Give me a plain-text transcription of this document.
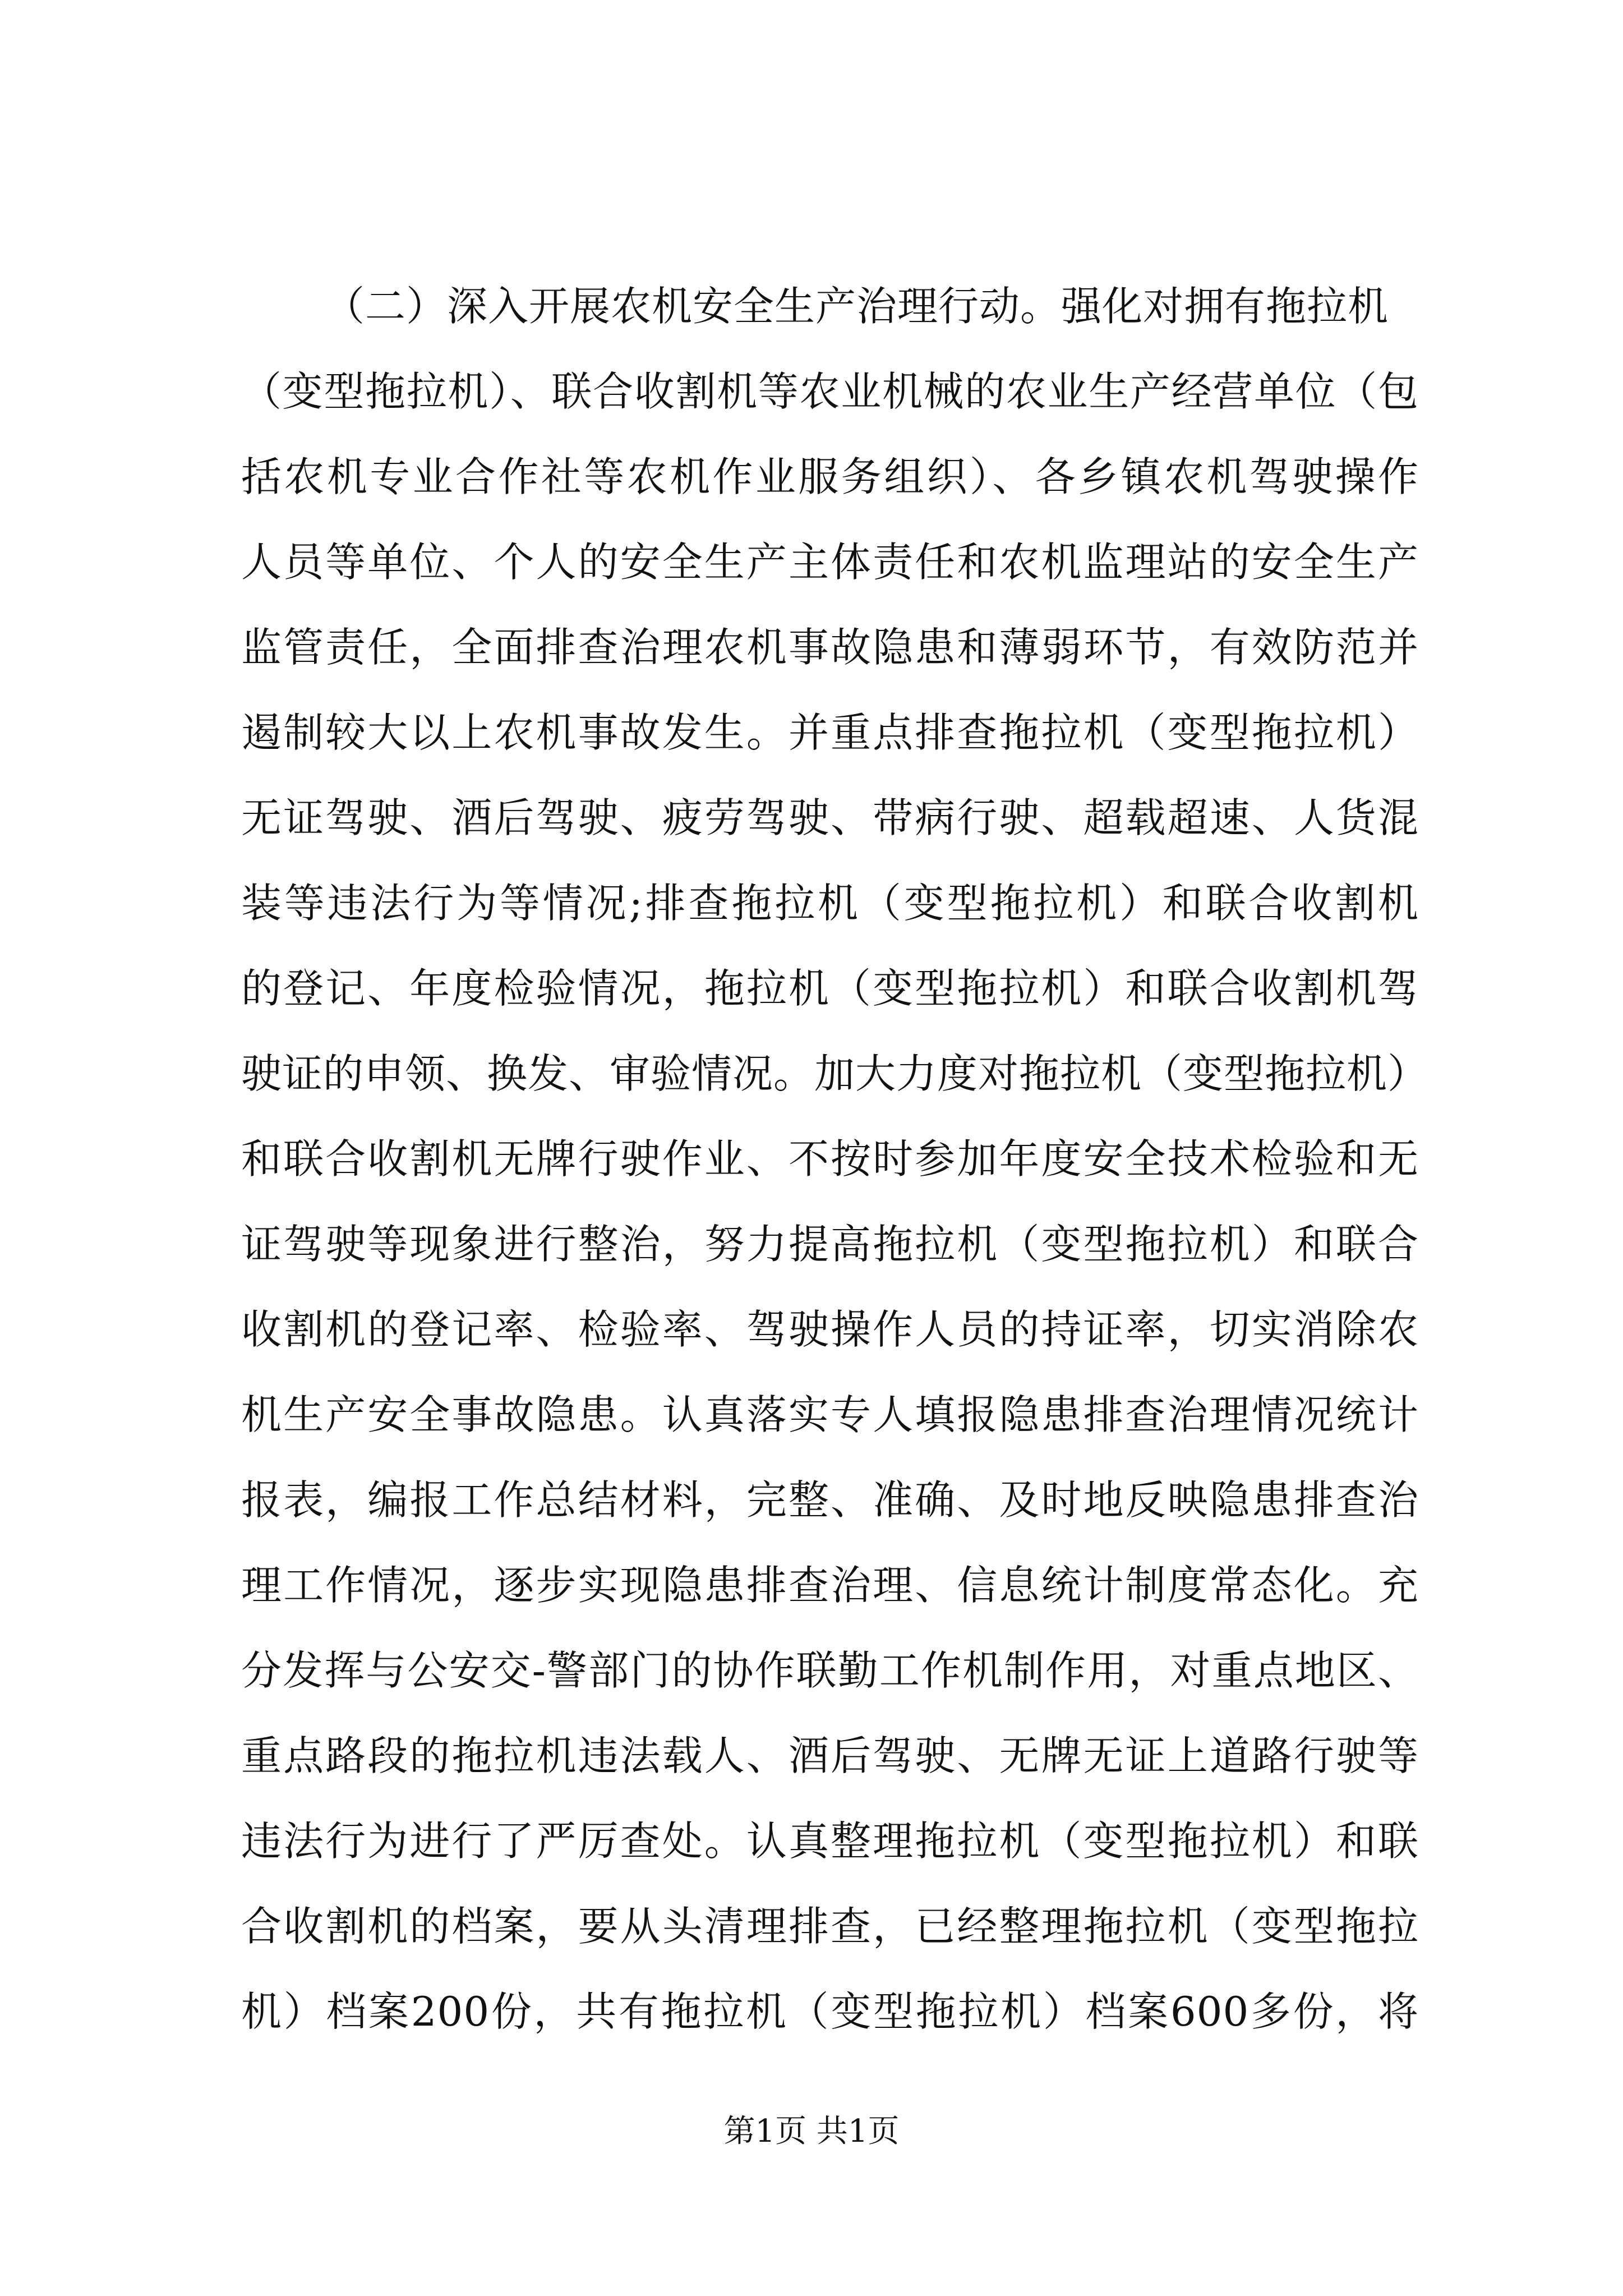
（二）深入开展农机安全生产治理行动。强化对拥有拖拉机
（变型拖拉机）、联合收割机等农业机械的农业生产经营单位（包
括农机专业合作社等农机作业服务组织）、各乡镇农机驾驶操作
人员等单位、个人的安全生产主体责任和农机监理站的安全生产
监管责任，全面排查治理农机事故隐患和薄弱环节，有效防范并
遏制较大以上农机事故发生。并重点排查拖拉机（变型拖拉机）
无证驾驶、酒后驾驶、疲劳驾驶、带病行驶、超载超速、人货混
装等违法行为等情况;排查拖拉机（变型拖拉机）和联合收割机
的登记、年度检验情况，拖拉机（变型拖拉机）和联合收割机驾
驶证的申领、换发、审验情况。加大力度对拖拉机（变型拖拉机）
和联合收割机无牌行驶作业、不按时参加年度安全技术检验和无
证驾驶等现象进行整治，努力提高拖拉机（变型拖拉机）和联合
收割机的登记率、检验率、驾驶操作人员的持证率，切实消除农
机生产安全事故隐患。认真落实专人填报隐患排查治理情况统计
报表，编报工作总结材料，完整、准确、及时地反映隐患排查治
理工作情况，逐步实现隐患排查治理、信息统计制度常态化。充
分发挥与公安交-警部门的协作联勤工作机制作用，对重点地区、
重点路段的拖拉机违法载人、酒后驾驶、无牌无证上道路行驶等
违法行为进行了严厉查处。认真整理拖拉机（变型拖拉机）和联
合收割机的档案，要从头清理排查，已经整理拖拉机（变型拖拉
机）档案200份，共有拖拉机（变型拖拉机）档案600多份，将
第1页 共1页
